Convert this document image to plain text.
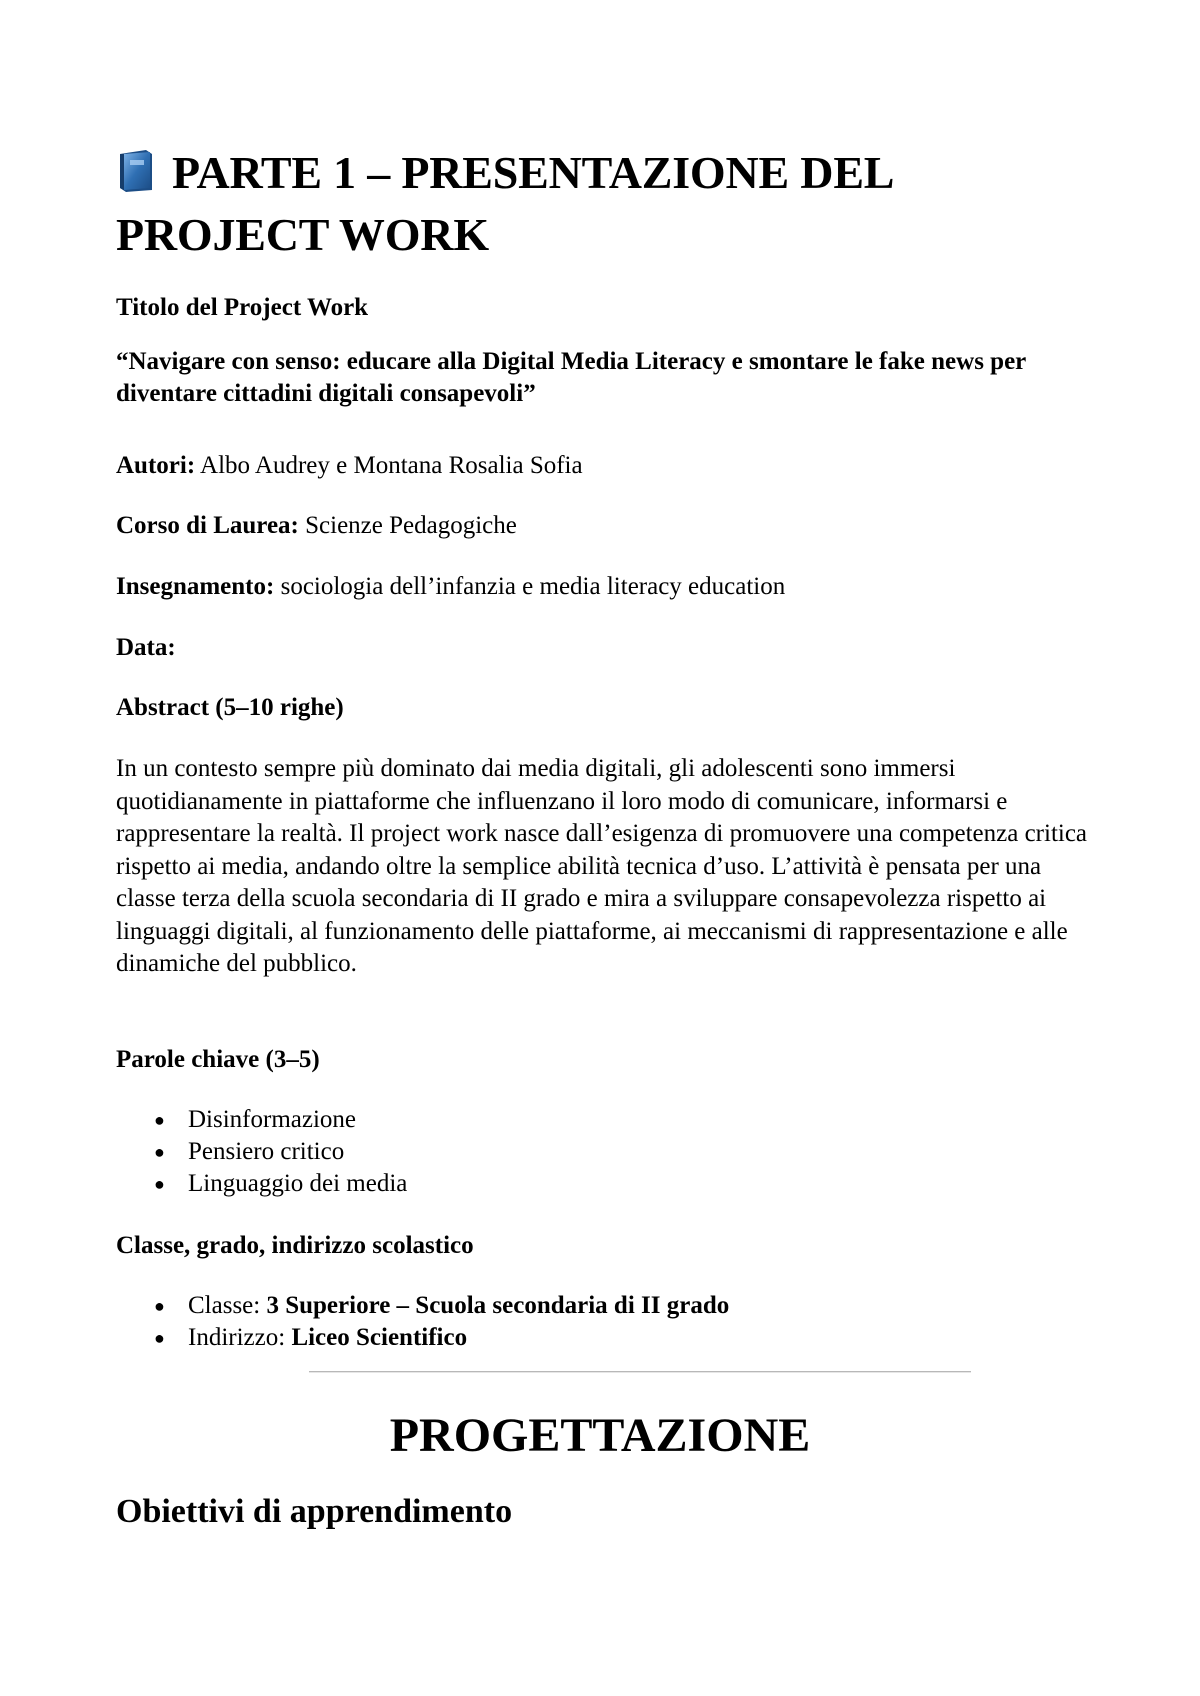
PARTE 1 – PRESENTAZIONE DEL PROJECT WORK
Titolo del Project Work
“Navigare con senso: educare alla Digital Media Literacy e smontare le fake news per diventare cittadini digitali consapevoli”
Autori: Albo Audrey e Montana Rosalia Sofia
Corso di Laurea: Scienze Pedagogiche
Insegnamento: sociologia dell’infanzia e media literacy education
Data:
Abstract (5–10 righe)
In un contesto sempre più dominato dai media digitali, gli adolescenti sono immersi quotidianamente in piattaforme che influenzano il loro modo di comunicare, informarsi e rappresentare la realtà. Il project work nasce dall’esigenza di promuovere una competenza critica rispetto ai media, andando oltre la semplice abilità tecnica d’uso. L’attività è pensata per una classe terza della scuola secondaria di II grado e mira a sviluppare consapevolezza rispetto ai linguaggi digitali, al funzionamento delle piattaforme, ai meccanismi di rappresentazione e alle dinamiche del pubblico.
Parole chiave (3–5)
● Disinformazione
● Pensiero critico
● Linguaggio dei media
Classe, grado, indirizzo scolastico
● Classe: 3 Superiore – Scuola secondaria di II grado
● Indirizzo: Liceo Scientifico
PROGETTAZIONE
Obiettivi di apprendimento
